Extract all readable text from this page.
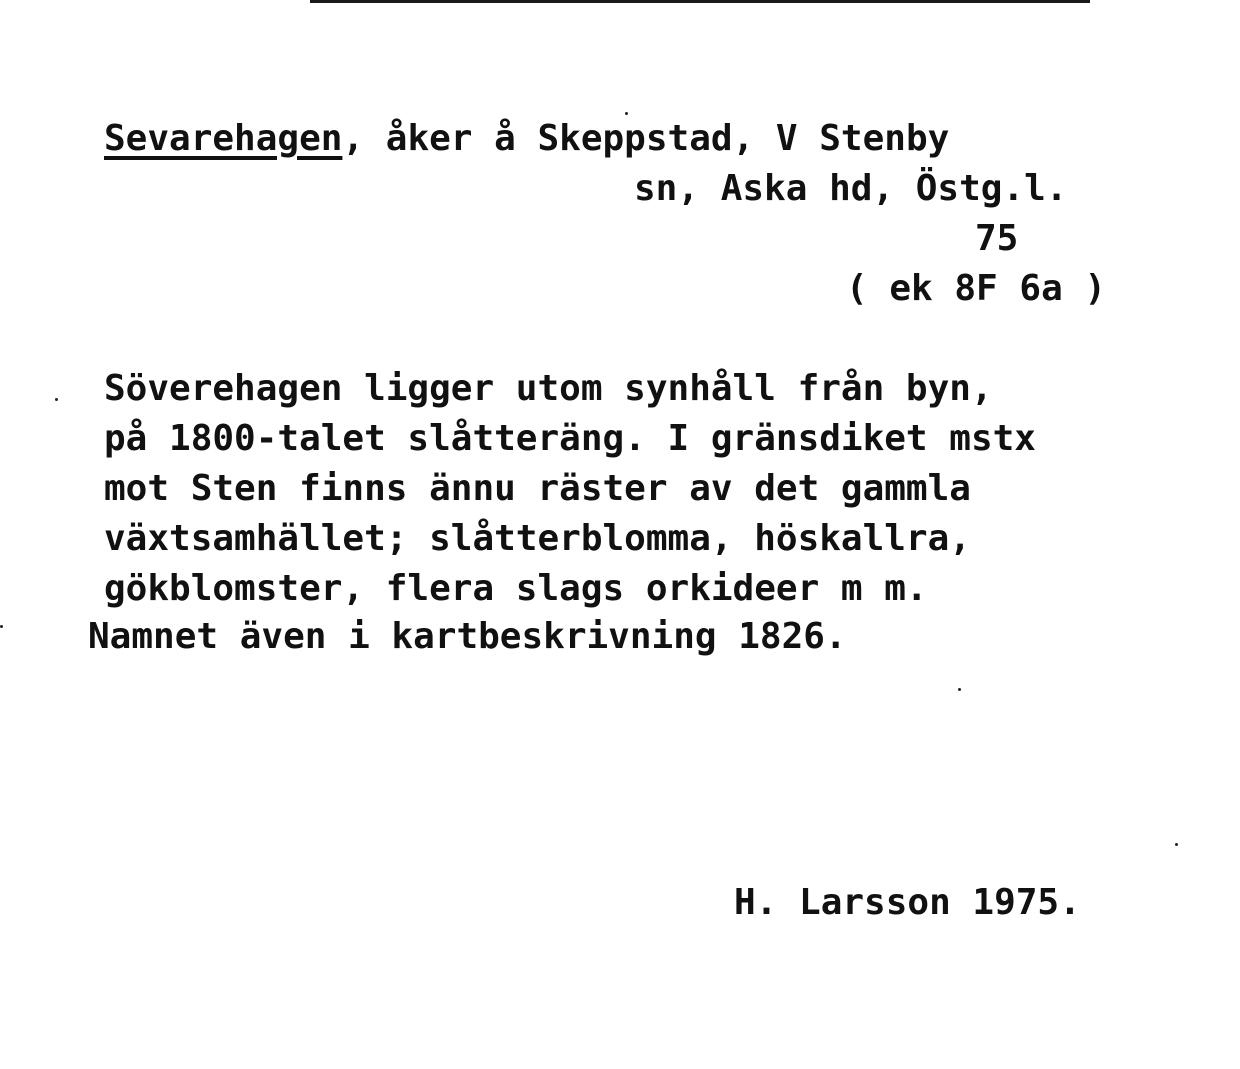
Sevarehagen, åker å Skeppstad, V Stenby
sn, Aska hd, Östg.l.
75
( ek 8F 6a )
Söverehagen ligger utom synhåll från byn,
på 1800-talet slåtteräng. I gränsdiket mstx
mot Sten finns ännu räster av det gammla
växtsamhället; slåtterblomma, höskallra,
gökblomster, flera slags orkideer m m.
Namnet även i kartbeskrivning 1826.
H. Larsson 1975.
